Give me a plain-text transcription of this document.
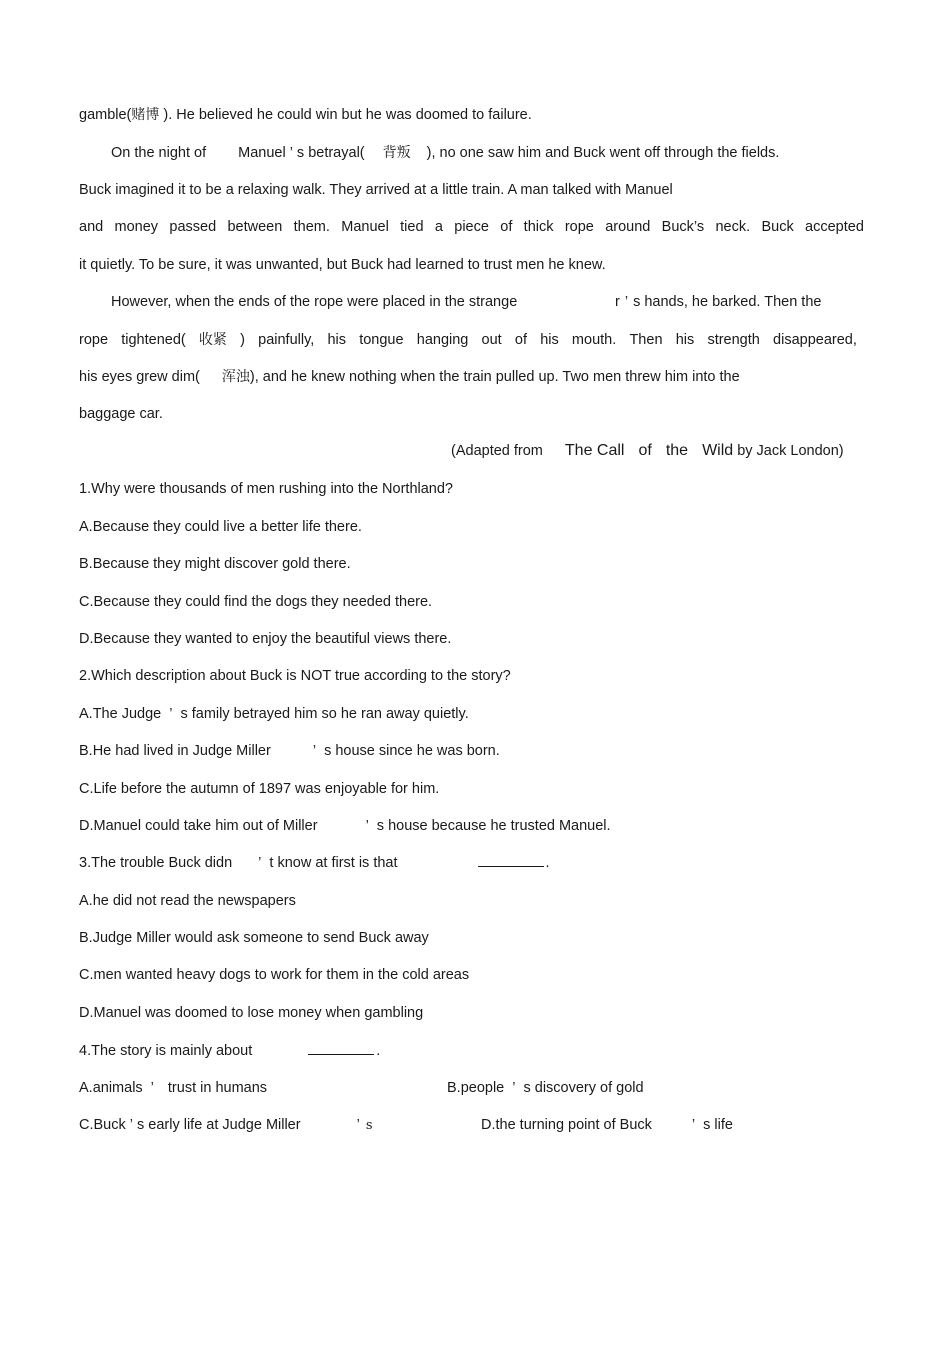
gamble(赌博 ). He believed he could win but he was doomed to failure.
On the night of Manuel ’ s betrayal( 背叛 ), no one saw him and Buck went off through the fields.
Buck imagined it to be a relaxing walk. They arrived at a little train. A man talked with Manuel
and money passed between them. Manuel tied a piece of thick rope around Buck’s neck. Buck accepted
it quietly. To be sure, it was unwanted, but Buck had learned to trust men he knew.
However, when the ends of the rope were placed in the strange	r ’ s hands, he barked. Then the
rope tightened( 收紧 ) painfully, his tongue hanging out of his mouth. Then his strength disappeared,
his eyes grew dim( 浑浊), and he knew nothing when the train pulled up. Two men threw him into the
baggage car.
(Adapted from The Call of the Wild by Jack London)
1.Why were thousands of men rushing into the Northland?
A.Because they could live a better life there.
B.Because they might discover gold there.
C.Because they could find the dogs they needed there.
D.Because they wanted to enjoy the beautiful views there.
2.Which description about Buck is NOT true according to the story?
A.The Judge ’ s family betrayed him so he ran away quietly.
B.He had lived in Judge Miller	’ s house since he was born.
C.Life before the autumn of 1897 was enjoyable for him.
D.Manuel could take him out of Miller	’ s house because he trusted Manuel.
3.The trouble Buck didn ’ t know at first is that	.
A.he did not read the newspapers
B.Judge Miller would ask someone to send Buck away
C.men wanted heavy dogs to work for them in the cold areas
D.Manuel was doomed to lose money when gambling
4.The story is mainly about	.
A.animals ’ trust in humans	B.people ’ s discovery of gold
C.Buck ’ s early life at Judge Miller	’ s	D.the turning point of Buck	’ s life
